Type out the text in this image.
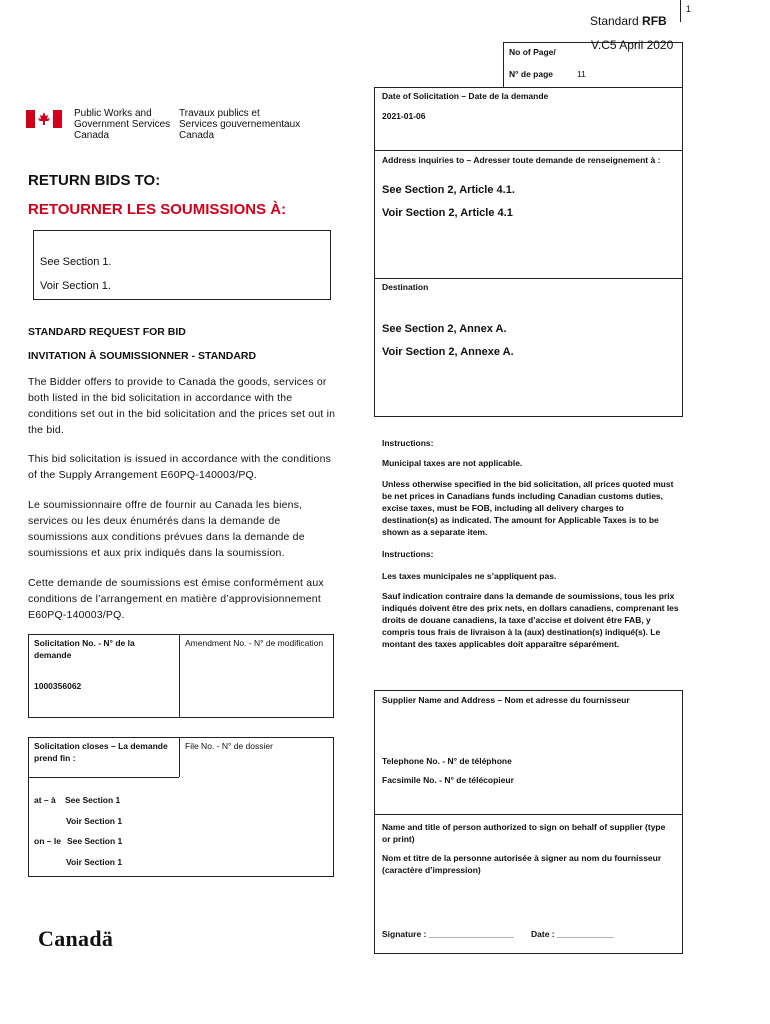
1
Standard RFB
V.C5 April 2020
No of Page/
N° de page	11
Public Works and
Government Services
Canada
Travaux publics et
Services gouvernementaux
Canada
Date of Solicitation – Date de la demande
2021-01-06
Address inquiries to – Adresser toute demande de renseignement à :
See Section 2, Article 4.1.
Voir Section 2, Article 4.1
Destination
See Section 2, Annex A.
Voir Section 2, Annexe A.
RETURN BIDS TO:
RETOURNER LES SOUMISSIONS À:
See Section 1.
Voir Section 1.
STANDARD REQUEST FOR BID
INVITATION À SOUMISSIONNER - STANDARD
The Bidder offers to provide to Canada the goods, services or both listed in the bid solicitation in accordance with the conditions set out in the bid solicitation and the prices set out in the bid.
This bid solicitation is issued in accordance with the conditions of the Supply Arrangement E60PQ-140003/PQ.
Le soumissionnaire offre de fournir au Canada les biens, services ou les deux énumérés dans la demande de soumissions aux conditions prévues dans la demande de soumissions et aux prix indiqués dans la soumission.
Cette demande de soumissions est émise conformément aux conditions de l’arrangement en matière d’approvisionnement E60PQ-140003/PQ.
Instructions:
Municipal taxes are not applicable.
Unless otherwise specified in the bid solicitation, all prices quoted must be net prices in Canadians funds including Canadian customs duties, excise taxes, must be FOB, including all delivery charges to destination(s) as indicated. The amount for Applicable Taxes is to be shown as a separate item.
Instructions:
Les taxes municipales ne s’appliquent pas.
Sauf indication contraire dans la demande de soumissions, tous les prix indiqués doivent être des prix nets, en dollars canadiens, comprenant les droits de douane canadiens, la taxe d’accise et doivent être FAB, y compris tous frais de livraison à la (aux) destination(s) indiqué(s). Le montant des taxes applicables doit apparaître séparément.
Solicitation No. - N° de la demande
1000356062
Amendment No. - N° de modification
Supplier Name and Address – Nom et adresse du fournisseur
Telephone No. - N° de téléphone
Facsimile No. - N° de télécopieur
Name and title of person authorized to sign on behalf of supplier (type or print)
Nom et titre de la personne autorisée à signer au nom du fournisseur (caractère d’impression)
Signature : __________________ Date : ____________
Solicitation closes – La demande prend fin :
File No. - N° de dossier
at – à See Section 1
Voir Section 1
on – le See Section 1
Voir Section 1
Canadä
